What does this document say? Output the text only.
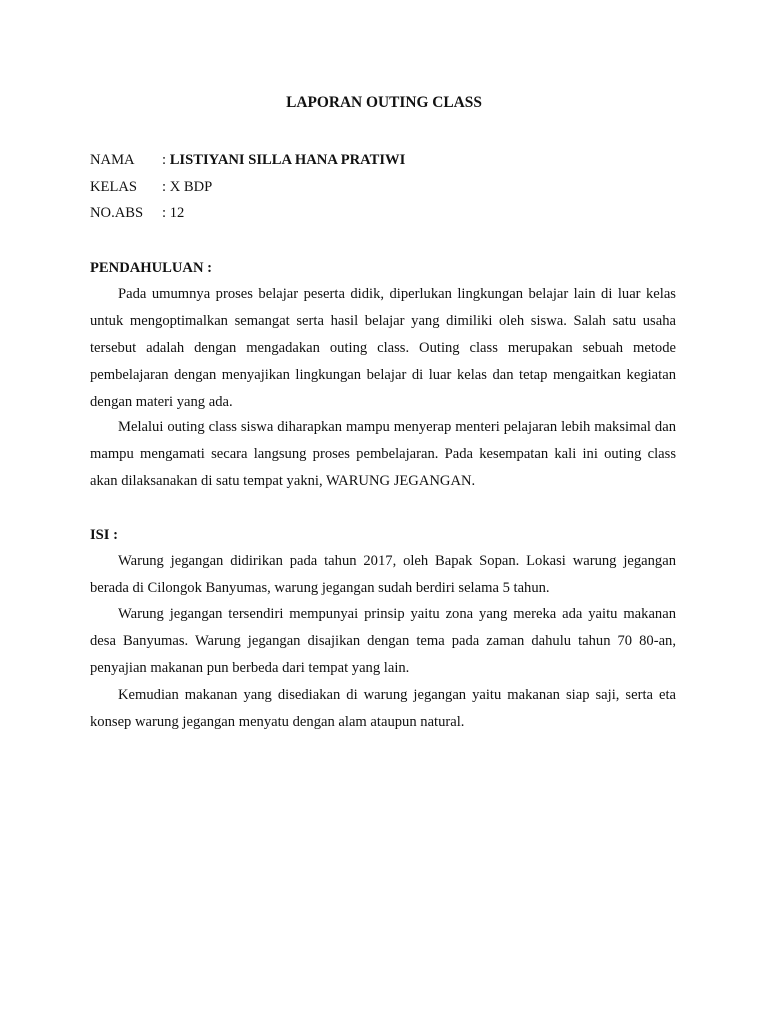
LAPORAN OUTING CLASS
NAMA	: LISTIYANI SILLA HANA PRATIWI
KELAS	: X BDP
NO.ABS	: 12
PENDAHULUAN :

Pada umumnya proses belajar peserta didik, diperlukan lingkungan belajar lain di luar kelas untuk mengoptimalkan semangat serta hasil belajar yang dimiliki oleh siswa. Salah satu usaha tersebut adalah dengan mengadakan outing class. Outing class merupakan sebuah metode pembelajaran dengan menyajikan lingkungan belajar di luar kelas dan tetap mengaitkan kegiatan dengan materi yang ada.

Melalui outing class siswa diharapkan mampu menyerap menteri pelajaran lebih maksimal dan mampu mengamati secara langsung proses pembelajaran. Pada kesempatan kali ini outing class akan dilaksanakan di satu tempat yakni, WARUNG JEGANGAN.

ISI :

Warung jegangan didirikan pada tahun 2017, oleh Bapak Sopan. Lokasi warung jegangan berada di Cilongok Banyumas, warung jegangan sudah berdiri selama 5 tahun.

Warung jegangan tersendiri mempunyai prinsip yaitu zona yang mereka ada yaitu makanan desa Banyumas. Warung jegangan disajikan dengan tema pada zaman dahulu tahun 70 80-an, penyajian makanan pun berbeda dari tempat yang lain.

Kemudian makanan yang disediakan di warung jegangan yaitu makanan siap saji, serta eta konsep warung jegangan menyatu dengan alam ataupun natural.
